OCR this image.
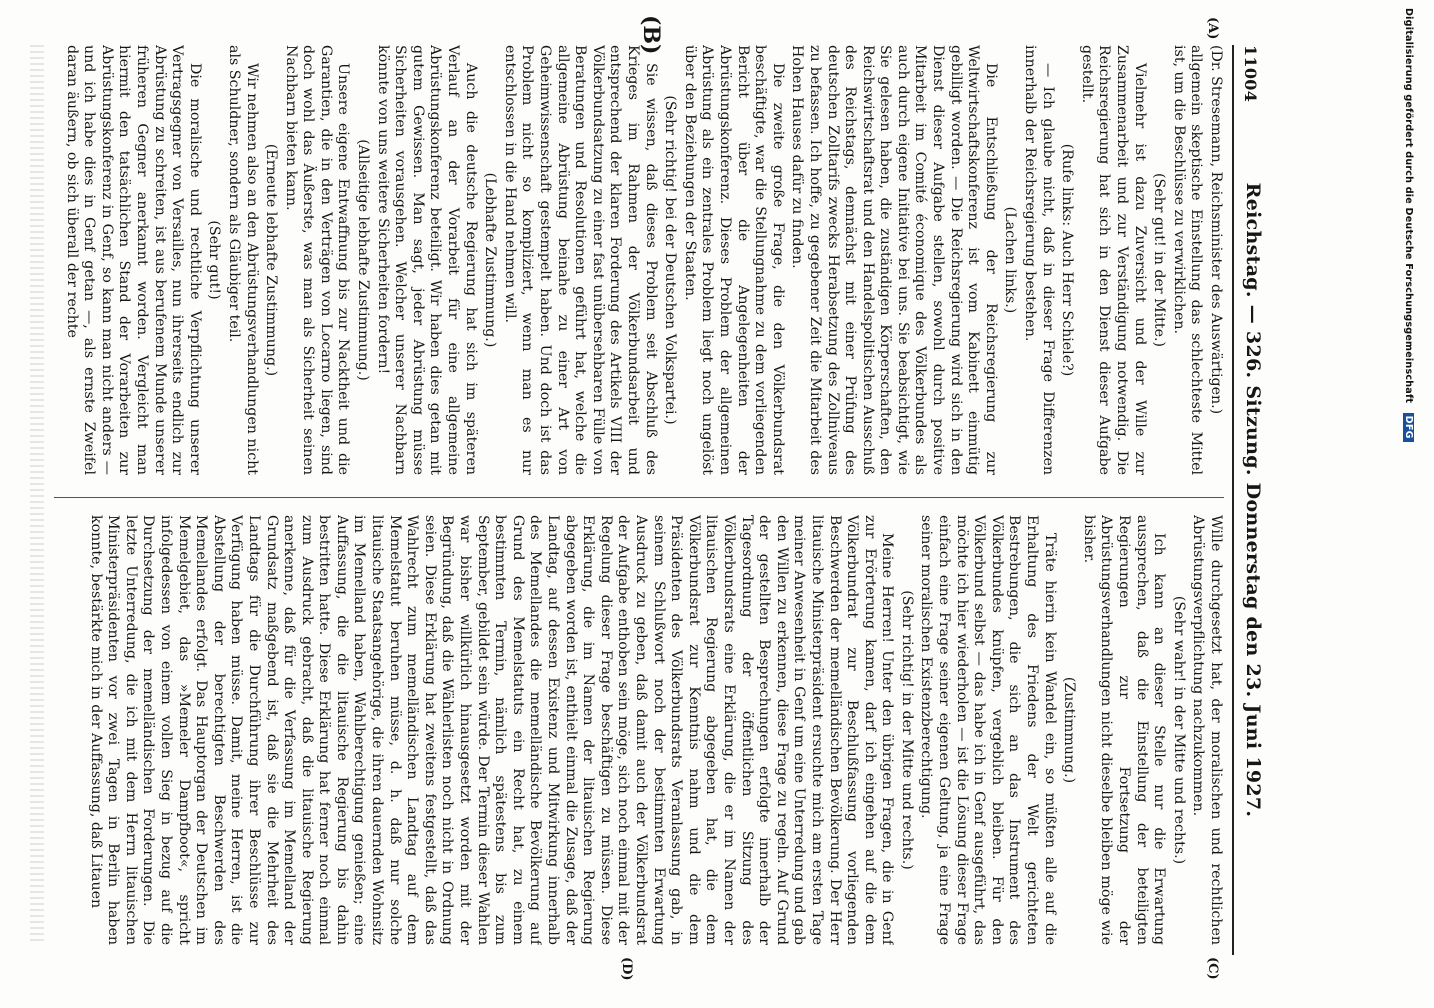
11004
Reichstag. — 326. Sitzung. Donnerstag den 23. Juni 1927.
(A)
(B)
(C)
(D)

(Dr. Stresemann, Reichsminister des Auswärtigen.)

allgemein skeptische Einstellung das schlechteste Mittel ist, um die Beschlüsse zu verwirklichen.

(Sehr gut! in der Mitte.)

Vielmehr ist dazu Zuversicht und der Wille zur Zusammenarbeit und zur Verständigung notwendig. Die Reichsregierung hat sich in den Dienst dieser Aufgabe gestellt.

(Rufe links: Auch Herr Schiele?)

— Ich glaube nicht, daß in dieser Frage Differenzen innerhalb der Reichsregierung bestehen.

(Lachen links.)

Die Entschließung der Reichsregierung zur Weltwirtschaftskonferenz ist vom Kabinett einmütig gebilligt worden. — Die Reichsregierung wird sich in den Dienst dieser Aufgabe stellen, sowohl durch positive Mitarbeit im Comité économique des Völkerbundes als auch durch eigene Initiative bei uns. Sie beabsichtigt, wie Sie gelesen haben, die zuständigen Körperschaften, den Reichswirtschaftsrat und den Handelspolitischen Ausschuß des Reichstags, demnächst mit einer Prüfung des deutschen Zolltarifs zwecks Herabsetzung des Zollniveaus zu befassen. Ich hoffe, zu gegebener Zeit die Mitarbeit des Hohen Hauses dafür zu finden.

Die zweite große Frage, die den Völkerbundsrat beschäftigte, war die Stellungnahme zu dem vorliegenden Bericht über die Angelegenheiten der Abrüstungskonferenz. Dieses Problem der allgemeinen Abrüstung als ein zentrales Problem liegt noch ungelöst über den Beziehungen der Staaten.

(Sehr richtig! bei der Deutschen Volkspartei.)

Sie wissen, daß dieses Problem seit Abschluß des Krieges im Rahmen der Völkerbundsarbeit und entsprechend der klaren Forderung des Artikels VIII der Völkerbundsatzung zu einer fast unübersehbaren Fülle von Beratungen und Resolutionen geführt hat, welche die allgemeine Abrüstung beinahe zu einer Art von Geheimwissenschaft gestempelt haben. Und doch ist das Problem nicht so kompliziert, wenn man es nur entschlossen in die Hand nehmen will.

(Lebhafte Zustimmung.)

Auch die deutsche Regierung hat sich im späteren Verlauf an der Vorarbeit für eine allgemeine Abrüstungskonferenz beteiligt. Wir haben dies getan mit gutem Gewissen. Man sagt, jeder Abrüstung müsse Sicherheiten vorausgehen. Welcher unserer Nachbarn könnte von uns weitere Sicherheiten fordern!

(Allseitige lebhafte Zustimmung.)

Unsere eigene Entwaffnung bis zur Nacktheit und die Garantien, die in den Verträgen von Locarno liegen, sind doch wohl das Äußerste, was man als Sicherheit seinen Nachbarn bieten kann.

(Erneute lebhafte Zustimmung.)

Wir nehmen also an den Abrüstungsverhandlungen nicht als Schuldner, sondern als Gläubiger teil.

(Sehr gut!)

Die moralische und rechtliche Verpflichtung unserer Vertragsgegner von Versailles, nun ihrerseits endlich zur Abrüstung zu schreiten, ist aus berufenem Munde unserer früheren Gegner anerkannt worden. Vergleicht man hiermit den tatsächlichen Stand der Vorarbeiten zur Abrüstungskonferenz in Genf, so kann man nicht anders — und ich habe dies in Genf getan —, als ernste Zweifel daran äußern, ob sich überall der rechte

Wille durchgesetzt hat, der moralischen und rechtlichen Abrüstungsverpflichtung nachzukommen.

(Sehr wahr! in der Mitte und rechts.)

Ich kann an dieser Stelle nur die Erwartung aussprechen, daß die Einstellung der beteiligten Regierungen zur Fortsetzung der Abrüstungsverhandlungen nicht dieselbe bleiben möge wie bisher.

(Zustimmung.)

Träte hierin kein Wandel ein, so müßten alle auf die Erhaltung des Friedens der Welt gerichteten Bestrebungen, die sich an das Instrument des Völkerbundes knüpfen, vergeblich bleiben. Für den Völkerbund selbst — das habe ich in Genf ausgeführt, das möchte ich hier wiederholen — ist die Lösung dieser Frage einfach eine Frage seiner eigenen Geltung, ja eine Frage seiner moralischen Existenzberechtigung.

(Sehr richtig! in der Mitte und rechts.)

Meine Herren! Unter den übrigen Fragen, die in Genf zur Erörterung kamen, darf ich eingehen auf die dem Völkerbundrat zur Beschlußfassung vorliegenden Beschwerden der memelländischen Bevölkerung. Der Herr litauische Ministerpräsident ersuchte mich am ersten Tage meiner Anwesenheit in Genf um eine Unterredung und gab den Willen zu erkennen, diese Frage zu regeln. Auf Grund der gestellten Besprechungen erfolgte innerhalb der Tagesordnung der öffentlichen Sitzung des Völkerbundsrats eine Erklärung, die er im Namen der litauischen Regierung abgegeben hat, die dem Völkerbundsrat zur Kenntnis nahm und die dem Präsidenten des Völkerbundsrats Veranlassung gab, in seinem Schlußwort noch der bestimmten Erwartung Ausdruck zu geben, daß damit auch der Völkerbundsrat der Aufgabe enthoben sein möge, sich noch einmal mit der Regelung dieser Frage beschäftigen zu müssen. Diese Erklärung, die im Namen der litauischen Regierung abgegeben worden ist, enthielt einmal die Zusage, daß der Landtag, auf dessen Existenz und Mitwirkung innerhalb des Memellandes die memelländische Bevölkerung auf Grund des Memelstatuts ein Recht hat, zu einem bestimmten Termin, nämlich spätestens bis zum September, gebildet sein würde. Der Termin dieser Wahlen war bisher willkürlich hinausgesetzt worden mit der Begründung, daß die Wählerlisten noch nicht in Ordnung seien. Diese Erklärung hat zweitens festgestellt, daß das Wahlrecht zum memelländischen Landtag auf dem Memelstatut beruhen müsse, d. h. daß nur solche litauische Staatsangehörige, die ihren dauernden Wohnsitz im Memelland haben, Wahlberechtigung genießen; eine Auffassung, die die litauische Regierung bis dahin bestritten hatte. Diese Erklärung hat ferner noch einmal zum Ausdruck gebracht, daß die litauische Regierung anerkenne, daß für die Verfassung im Memelland der Grundsatz maßgebend ist, daß sie die Mehrheit des Landtags für die Durchführung ihrer Beschlüsse zur Verfügung haben müsse. Damit, meine Herren, ist die Abstellung der berechtigten Beschwerden des Memellandes erfolgt. Das Hauptorgan der Deutschen im Memelgebiet, das »Memeler Dampfboot«, spricht infolgedessen von einem vollen Sieg in bezug auf die Durchsetzung der memelländischen Forderungen. Die letzte Unterredung, die ich mit dem Herrn litauischen Ministerpräsidenten vor zwei Tagen in Berlin haben konnte, bestärkte mich in der Auffassung, daß Litauen

Digitalisierung gefördert durch die Deutsche Forschungsgemeinschaft DFG
